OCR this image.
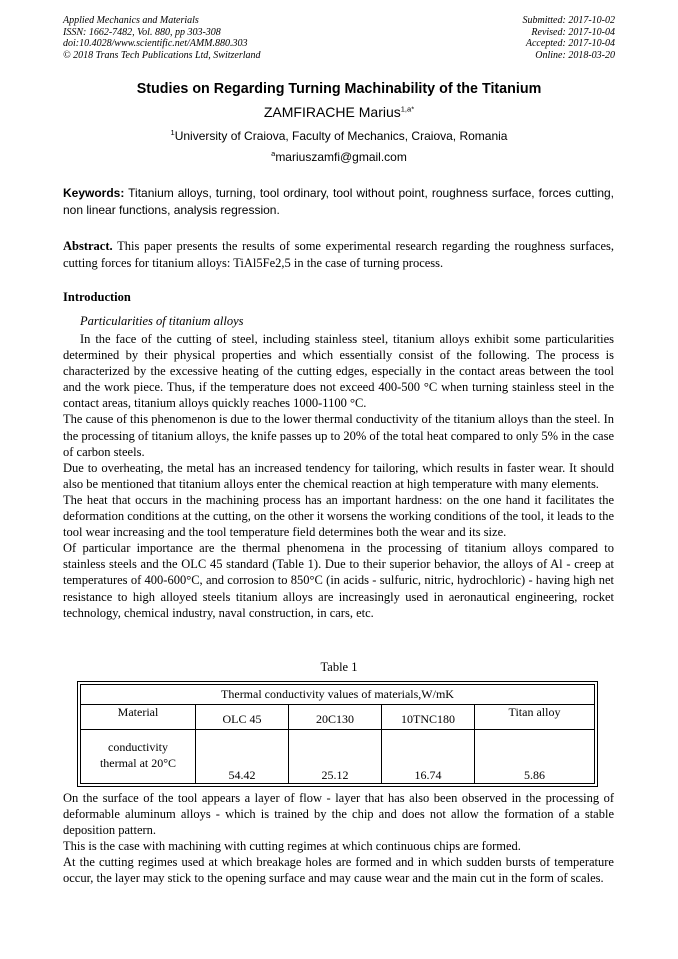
Applied Mechanics and Materials
ISSN: 1662-7482, Vol. 880, pp 303-308
doi:10.4028/www.scientific.net/AMM.880.303
© 2018 Trans Tech Publications Ltd, Switzerland
Submitted: 2017-10-02
Revised: 2017-10-04
Accepted: 2017-10-04
Online: 2018-03-20
Studies on Regarding Turning Machinability of the Titanium
ZAMFIRACHE Marius$^{1,a*}$
$^1$University of Craiova, Faculty of Mechanics, Craiova, Romania
$^a$mariuszamfi@gmail.com
Keywords: Titanium alloys, turning, tool ordinary, tool without point, roughness surface, forces cutting, non linear functions, analysis regression.
Abstract. This paper presents the results of some experimental research regarding the roughness surfaces, cutting forces for titanium alloys: TiAl5Fe2,5 in the case of turning process.
Introduction
Particularities of titanium alloys

In the face of the cutting of steel, including stainless steel, titanium alloys exhibit some particularities determined by their physical properties and which essentially consist of the following. The process is characterized by the excessive heating of the cutting edges, especially in the contact areas between the tool and the work piece. Thus, if the temperature does not exceed 400-500 °C when turning stainless steel in the contact areas, titanium alloys quickly reaches 1000-1100 °C.

The cause of this phenomenon is due to the lower thermal conductivity of the titanium alloys than the steel. In the processing of titanium alloys, the knife passes up to 20% of the total heat compared to only 5% in the case of carbon steels.

Due to overheating, the metal has an increased tendency for tailoring, which results in faster wear. It should also be mentioned that titanium alloys enter the chemical reaction at high temperature with many elements.

The heat that occurs in the machining process has an important hardness: on the one hand it facilitates the deformation conditions at the cutting, on the other it worsens the working conditions of the tool, it leads to the tool wear increasing and the tool temperature field determines both the wear and its size.

Of particular importance are the thermal phenomena in the processing of titanium alloys compared to stainless steels and the OLC 45 standard (Table 1). Due to their superior behavior, the alloys of Al - creep at temperatures of 400-600°C, and corrosion to 850°C (in acids - sulfuric, nitric, hydrochloric) - having high net resistance to high alloyed steels titanium alloys are increasingly used in aeronautical engineering, rocket technology, chemical industry, naval construction, in cars, etc.

Table 1
Thermal conductivity values of materials,W/mK				
Material	OLC 45	20C130	10TNC180	Titan alloy
conductivity
thermal at 20°C	54.42	25.12	16.74	5.86

On the surface of the tool appears a layer of flow - layer that has also been observed in the processing of deformable aluminum alloys - which is trained by the chip and does not allow the formation of a stable deposition pattern.

This is the case with machining with cutting regimes at which continuous chips are formed.

At the cutting regimes used at which breakage holes are formed and in which sudden bursts of temperature occur, the layer may stick to the opening surface and may cause wear and the main cut in the form of scales.
